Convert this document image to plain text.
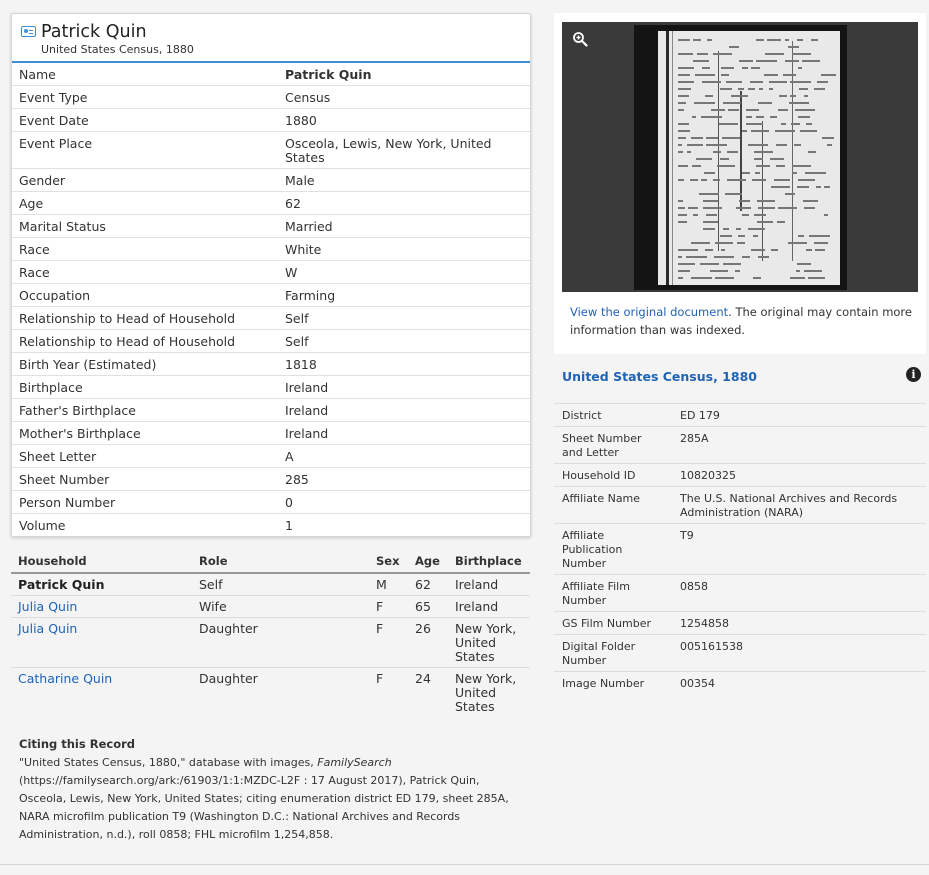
Patrick Quin
United States Census, 1880
Name	Patrick Quin
Event Type	Census
Event Date	1880
Event Place	Osceola, Lewis, New York, United States
Gender	Male
Age	62
Marital Status	Married
Race	White
Race	W
Occupation	Farming
Relationship to Head of Household	Self
Relationship to Head of Household	Self
Birth Year (Estimated)	1818
Birthplace	Ireland
Father's Birthplace	Ireland
Mother's Birthplace	Ireland
Sheet Letter	A
Sheet Number	285
Person Number	0
Volume	1
Household	Role	Sex	Age	Birthplace
Patrick Quin	Self	M	62	Ireland
Julia Quin	Wife	F	65	Ireland
Julia Quin	Daughter	F	26	New York, United States
Catharine Quin	Daughter	F	24	New York, United States
Citing this Record
"United States Census, 1880," database with images, FamilySearch (https://familysearch.org/ark:/61903/1:1:MZDC-L2F : 17 August 2017), Patrick Quin, Osceola, Lewis, New York, United States; citing enumeration district ED 179, sheet 285A, NARA microfilm publication T9 (Washington D.C.: National Archives and Records Administration, n.d.), roll 0858; FHL microfilm 1,254,858.
View the original document. The original may contain more information than was indexed.
United States Census, 1880	i
District	ED 179
Sheet Number and Letter	285A
Household ID	10820325
Affiliate Name	The U.S. National Archives and Records Administration (NARA)
Affiliate Publication Number	T9
Affiliate Film Number	0858
GS Film Number	1254858
Digital Folder Number	005161538
Image Number	00354
